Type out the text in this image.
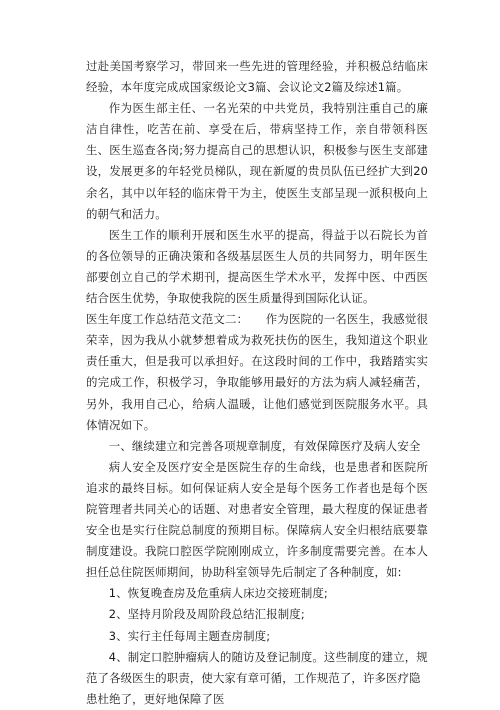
过赴美国考察学习，带回来一些先进的管理经验，并积极总结临床经验，本年度完成成国家级论文3篇、会议论文2篇及综述1篇。

作为医生部主任、一名光荣的中共党员，我特别注重自己的廉洁自律性，吃苦在前、享受在后，带病坚持工作，亲自带领科医生、医生巡查各岗;努力提高自己的思想认识，积极参与医生支部建设，发展更多的年轻党员梯队，现在新厦的贵员队伍已经扩大到20余名，其中以年轻的临床骨干为主，使医生支部呈现一派积极向上的朝气和活力。

医生工作的顺利开展和医生水平的提高，得益于以石院长为首的各位领导的正确决策和各级基层医生人员的共同努力，明年医生部要创立自己的学术期刊，提高医生学术水平，发挥中医、中西医结合医生优势，争取使我院的医生质量得到国际化认证。

医生年度工作总结范文范文二：　　作为医院的一名医生，我感觉很荣幸，因为我从小就梦想着成为救死扶伤的医生，我知道这个职业责任重大，但是我可以承担好。在这段时间的工作中，我踏踏实实的完成工作，积极学习，争取能够用最好的方法为病人减轻痛苦，另外，我用自己心，给病人温暖，让他们感觉到医院服务水平。具体情况如下。

一、继续建立和完善各项规章制度，有效保障医疗及病人安全

病人安全及医疗安全是医院生存的生命线，也是患者和医院所追求的最终目标。如何保证病人安全是每个医务工作者也是每个医院管理者共同关心的话题、对患者安全管理，最大程度的保证患者安全也是实行住院总制度的预期目标。保障病人安全归根结底要靠制度建设。我院口腔医学院刚刚成立，许多制度需要完善。在本人担任总住院医师期间，协助科室领导先后制定了各种制度，如:

1、恢复晚查房及危重病人床边交接班制度;
2、坚持月阶段及周阶段总结汇报制度;
3、实行主任每周主题查房制度;
4、制定口腔肿瘤病人的随访及登记制度。这些制度的建立，规范了各级医生的职责，使大家有章可循，工作规范了，许多医疗隐患杜绝了，更好地保障了医
